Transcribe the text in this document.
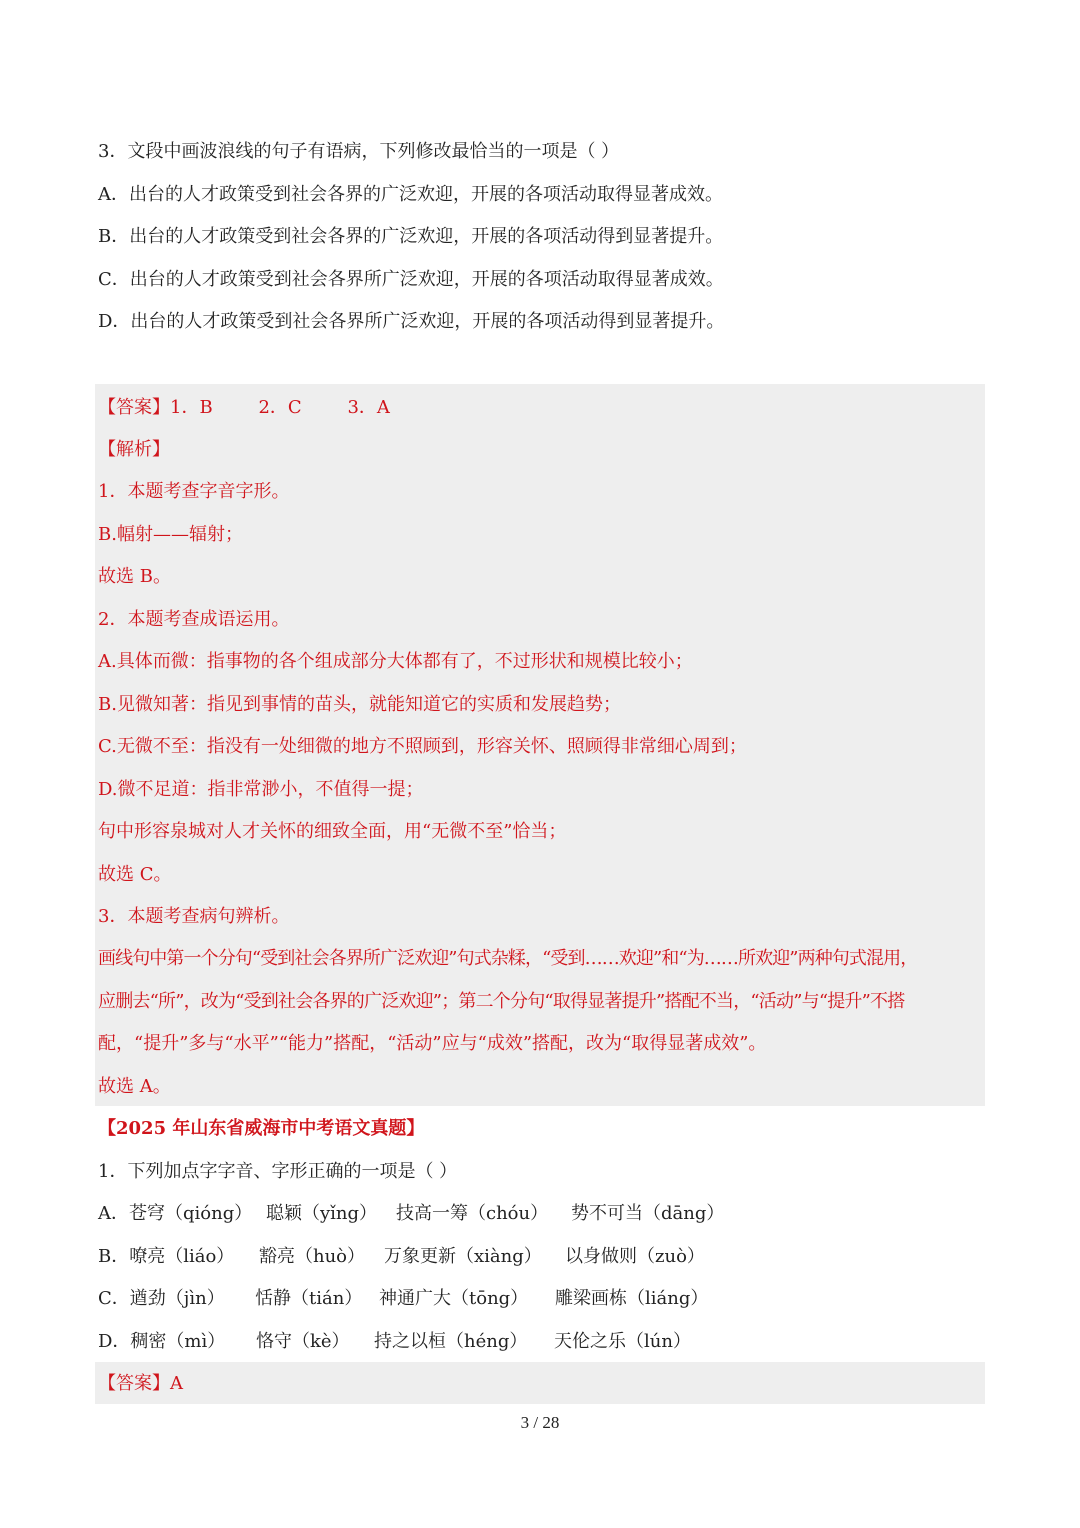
3．文段中画波浪线的句子有语病，下列修改最恰当的一项是（ ）
A．出台的人才政策受到社会各界的广泛欢迎，开展的各项活动取得显著成效。
B．出台的人才政策受到社会各界的广泛欢迎，开展的各项活动得到显著提升。
C．出台的人才政策受到社会各界所广泛欢迎，开展的各项活动取得显著成效。
D．出台的人才政策受到社会各界所广泛欢迎，开展的各项活动得到显著提升。
【答案】1．B        2．C        3．A
【解析】
1．本题考查字音字形。
B.幅射——辐射；
故选 B。
2．本题考查成语运用。
A.具体而微：指事物的各个组成部分大体都有了，不过形状和规模比较小；
B.见微知著：指见到事情的苗头，就能知道它的实质和发展趋势；
C.无微不至：指没有一处细微的地方不照顾到，形容关怀、照顾得非常细心周到；
D.微不足道：指非常渺小，不值得一提；
句中形容泉城对人才关怀的细致全面，用“无微不至”恰当；
故选 C。
3．本题考查病句辨析。
画线句中第一个分句“受到社会各界所广泛欢迎”句式杂糅，“受到……欢迎”和“为……所欢迎”两种句式混用，
应删去“所”，改为“受到社会各界的广泛欢迎”；第二个分句“取得显著提升”搭配不当，“活动”与“提升”不搭
配，“提升”多与“水平”“能力”搭配，“活动”应与“成效”搭配，改为“取得显著成效”。
故选 A。
【2025 年山东省威海市中考语文真题】
1．下列加点字字音、字形正确的一项是（ ）
A．苍穹（qióng） 聪颖（yǐng） 技高一筹（chóu） 势不可当（dāng）
B．嘹亮（liáo） 豁亮（huò） 万象更新（xiàng） 以身做则（zuò）
C．遒劲（jìn） 恬静（tián） 神通广大（tōng） 雕梁画栋（liáng）
D．稠密（mì） 恪守（kè） 持之以桓（héng） 天伦之乐（lún）
【答案】A
3 / 28
